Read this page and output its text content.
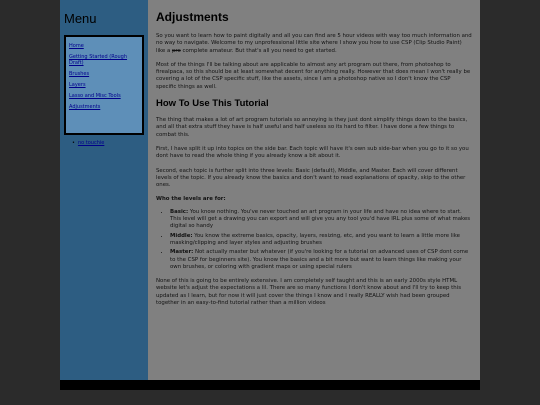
Menu
Home
Getting Started (Rough Draft)
Brushes
Layers
Lasso and Misc Tools
Adjustments
• no touchie
Adjustments

So you want to learn how to paint digitally and all you can find are 5 hour videos with way too much information and no way to navigate. Welcome to my unprofessional little site where I show you how to use CSP (Clip Studio Paint) like a pro complete amateur. But that's all you need to get started.

Most of the things I'll be talking about are applicable to almost any art program out there, from photoshop to firealpaca, so this should be at least somewhat decent for anything really. However that does mean I won't really be covering a lot of the CSP specific stuff, like the assets, since I am a photoshop native so I don't know the CSP specific things as well.

How To Use This Tutorial

The thing that makes a lot of art program tutorials so annoying is they just dont simplify things down to the basics, and all that extra stuff they have is half useful and half useless so its hard to filter. I have done a few things to combat this.

First, I have split it up into topics on the side bar. Each topic will have it's own sub side-bar when you go to it so you dont have to read the whole thing if you already know a bit about it.

Second, each topic is further split into three levels: Basic (default), Middle, and Master. Each will cover different levels of the topic. If you already know the basics and don't want to read explanations of opacity, skip to the other ones.

Who the levels are for:

• Basic: You know nothing. You've never touched an art program in your life and have no idea where to start. This level will get a drawing you can export and will give you any tool you'd have IRL plus some of what makes digital so handy
• Middle: You know the extreme basics, opacity, layers, resizing, etc, and you want to learn a little more like masking/clipping and layer styles and adjusting brushes
• Master: Not actually master but whatever (if you're looking for a tutorial on advanced uses of CSP dont come to the CSP for beginners site). You know the basics and a bit more but want to learn things like making your own brushes, or coloring with gradient maps or using special rulers

None of this is going to be entirely extensive. I am completely self taught and this is an early 2000s style HTML website let's adjust the expectations a lil. There are so many functions I don't know about and I'll try to keep this updated as I learn, but for now it will just cover the things I know and I really REALLY wish had been grouped together in an easy-to-find tutorial rather than a million videos
